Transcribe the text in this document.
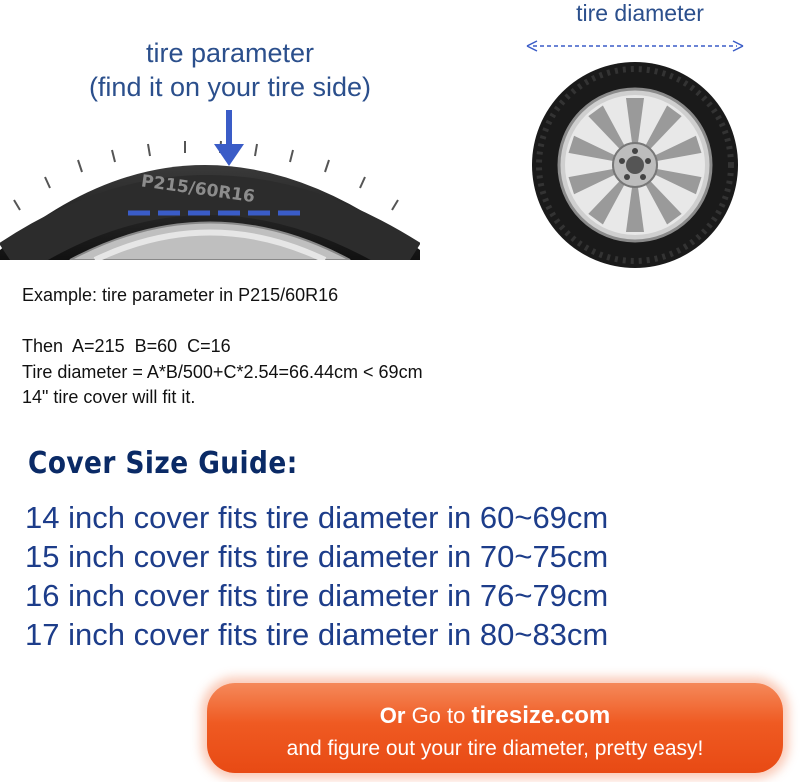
tire parameter
(find it on your tire side)
P215/60R16
tire diameter
Example: tire parameter in P215/60R16
Then  A=215  B=60  C=16
Tire diameter = A*B/500+C*2.54=66.44cm < 69cm
14" tire cover will fit it.
Cover Size Guide:
14 inch cover fits tire diameter in 60~69cm
15 inch cover fits tire diameter in 70~75cm
16 inch cover fits tire diameter in 76~79cm
17 inch cover fits tire diameter in 80~83cm
Or Go to tiresize.com
and figure out your tire diameter, pretty easy!
